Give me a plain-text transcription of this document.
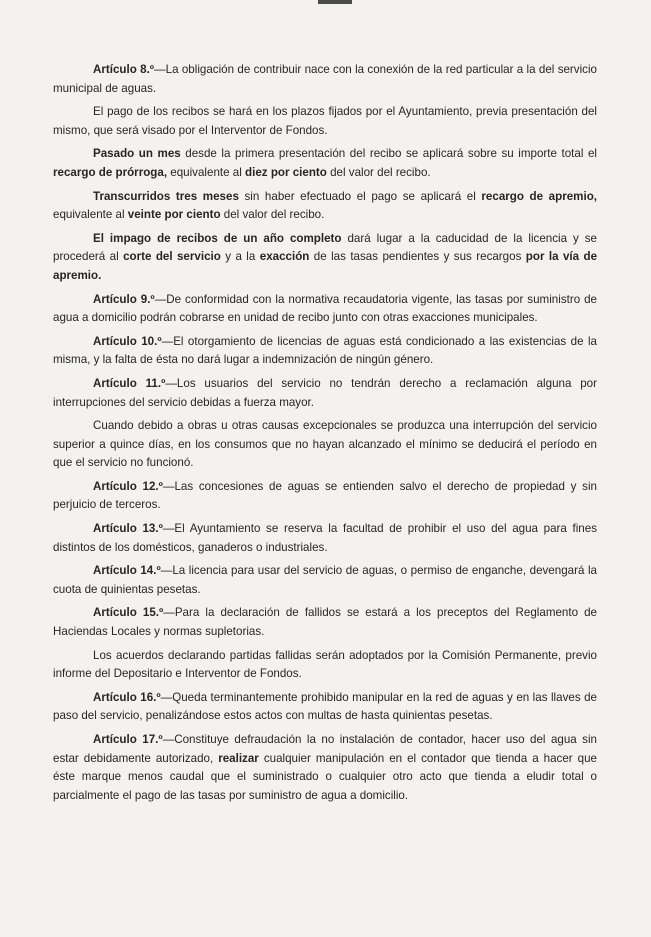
Artículo 8.º—La obligación de contribuir nace con la conexión de la red particular a la del servicio municipal de aguas.

El pago de los recibos se hará en los plazos fijados por el Ayuntamiento, previa presentación del mismo, que será visado por el Interventor de Fondos.

Pasado un mes desde la primera presentación del recibo se aplicará sobre su importe total el recargo de prórroga, equivalente al diez por ciento del valor del recibo.

Transcurridos tres meses sin haber efectuado el pago se aplicará el recargo de apremio, equivalente al veinte por ciento del valor del recibo.

El impago de recibos de un año completo dará lugar a la caducidad de la licencia y se procederá al corte del servicio y a la exacción de las tasas pendientes y sus recargos por la vía de apremio.

Artículo 9.º—De conformidad con la normativa recaudatoria vigente, las tasas por suministro de agua a domicilio podrán cobrarse en unidad de recibo junto con otras exacciones municipales.

Artículo 10.º—El otorgamiento de licencias de aguas está condicionado a las existencias de la misma, y la falta de ésta no dará lugar a indemnización de ningún género.

Artículo 11.º—Los usuarios del servicio no tendrán derecho a reclamación alguna por interrupciones del servicio debidas a fuerza mayor.

Cuando debido a obras u otras causas excepcionales se produzca una interrupción del servicio superior a quince días, en los consumos que no hayan alcanzado el mínimo se deducirá el período en que el servicio no funcionó.

Artículo 12.º—Las concesiones de aguas se entienden salvo el derecho de propiedad y sin perjuicio de terceros.

Artículo 13.º—El Ayuntamiento se reserva la facultad de prohibir el uso del agua para fines distintos de los domésticos, ganaderos o industriales.

Artículo 14.º—La licencia para usar del servicio de aguas, o permiso de enganche, devengará la cuota de quinientas pesetas.

Artículo 15.º—Para la declaración de fallidos se estará a los preceptos del Reglamento de Haciendas Locales y normas supletorias.

Los acuerdos declarando partidas fallidas serán adoptados por la Comisión Permanente, previo informe del Depositario e Interventor de Fondos.

Artículo 16.º—Queda terminantemente prohibido manipular en la red de aguas y en las llaves de paso del servicio, penalizándose estos actos con multas de hasta quinientas pesetas.

Artículo 17.º—Constituye defraudación la no instalación de contador, hacer uso del agua sin estar debidamente autorizado, realizar cualquier manipulación en el contador que tienda a hacer que éste marque menos caudal que el suministrado o cualquier otro acto que tienda a eludir total o parcialmente el pago de las tasas por suministro de agua a domicilio.
